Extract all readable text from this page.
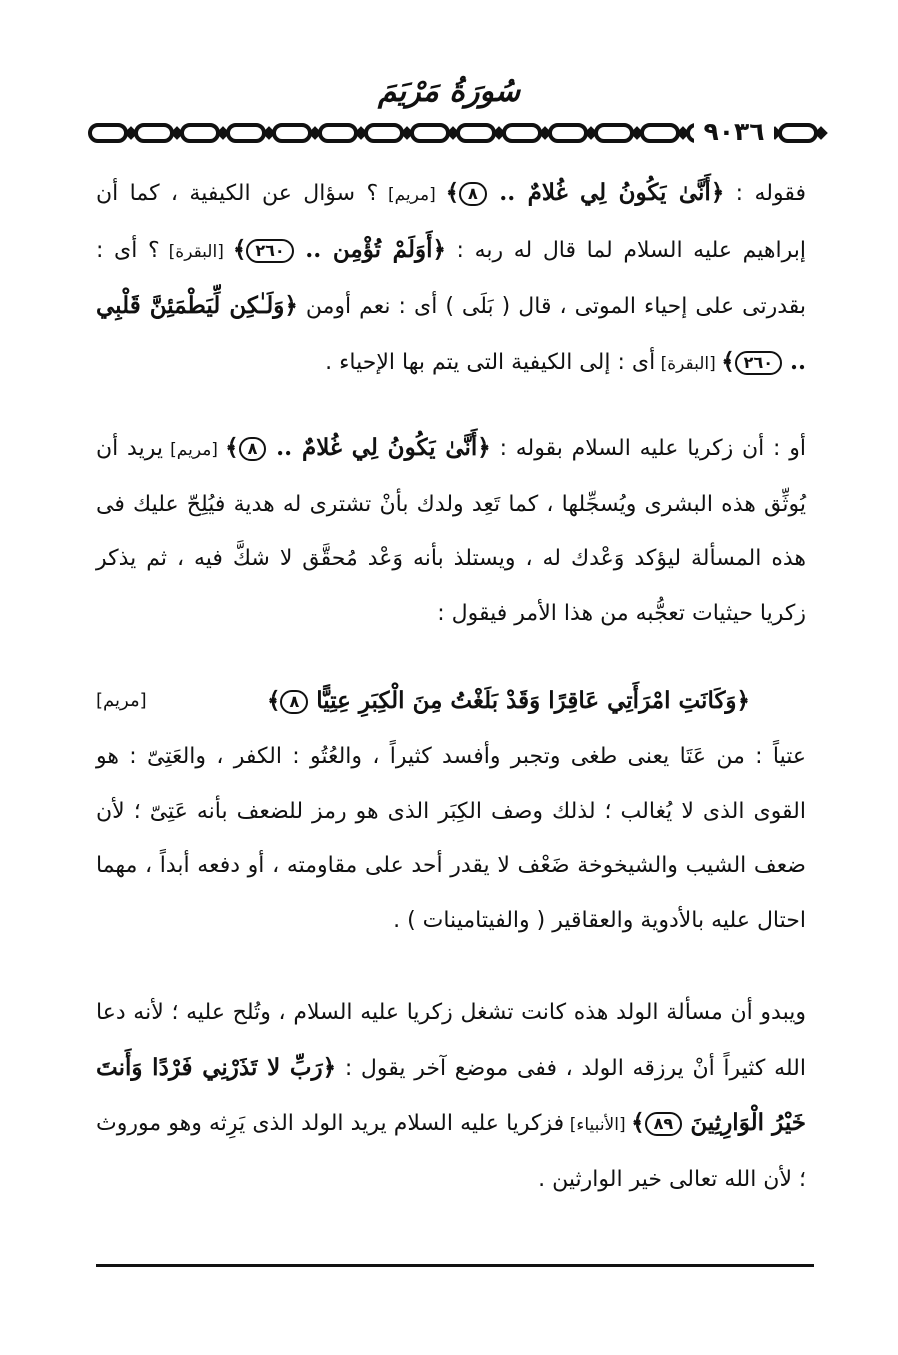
سُورَةُ مَرْيَمَ
٩٠٣٦
فقوله : ﴿أَنَّىٰ يَكُونُ لِي غُلامٌ .. ٨﴾ [مريم] ؟ سؤال عن الكيفية ، كما أن إبراهيم عليه السلام لما قال له ربه : ﴿أَوَلَمْ تُؤْمِن .. ٢٦٠﴾ [البقرة] ؟ أى : بقدرتى على إحياء الموتى ، قال ( بَلَى ) أى : نعم أومن ﴿وَلَـٰكِن لِّيَطْمَئِنَّ قَلْبِي .. ٢٦٠﴾ [البقرة] أى : إلى الكيفية التى يتم بها الإحياء .
أو : أن زكريا عليه السلام بقوله : ﴿أَنَّىٰ يَكُونُ لِي غُلامٌ .. ٨﴾ [مريم] يريد أن يُوثِّق هذه البشرى ويُسجِّلها ، كما تَعِد ولدك بأنْ تشترى له هدية فيُلِحّ عليك فى هذه المسألة ليؤكد وَعْدك له ، ويستلذ بأنه وَعْد مُحقَّق لا شكَّ فيه ، ثم يذكر زكريا حيثيات تعجُّبه من هذا الأمر فيقول :
﴿وَكَانَتِ امْرَأَتِي عَاقِرًا وَقَدْ بَلَغْتُ مِنَ الْكِبَرِ عِتِيًّا ٨﴾
[مريم]
عتياً : من عَتَا يعنى طغى وتجبر وأفسد كثيراً ، والعُتُو : الكفر ، والعَتِىّ : هو القوى الذى لا يُغالب ؛ لذلك وصف الكِبَر الذى هو رمز للضعف بأنه عَتِىّ ؛ لأن ضعف الشيب والشيخوخة ضَعْف لا يقدر أحد على مقاومته ، أو دفعه أبداً ، مهما احتال عليه بالأدوية والعقاقير ( والفيتامينات ) .
ويبدو أن مسألة الولد هذه كانت تشغل زكريا عليه السلام ، وتُلح عليه ؛ لأنه دعا الله كثيراً أنْ يرزقه الولد ، ففى موضع آخر يقول : ﴿رَبِّ لا تَذَرْنِي فَرْدًا وَأَنتَ خَيْرُ الْوَارِثِينَ ٨٩﴾ [الأنبياء] فزكريا عليه السلام يريد الولد الذى يَرِثه وهو موروث ؛ لأن الله تعالى خير الوارثين .
